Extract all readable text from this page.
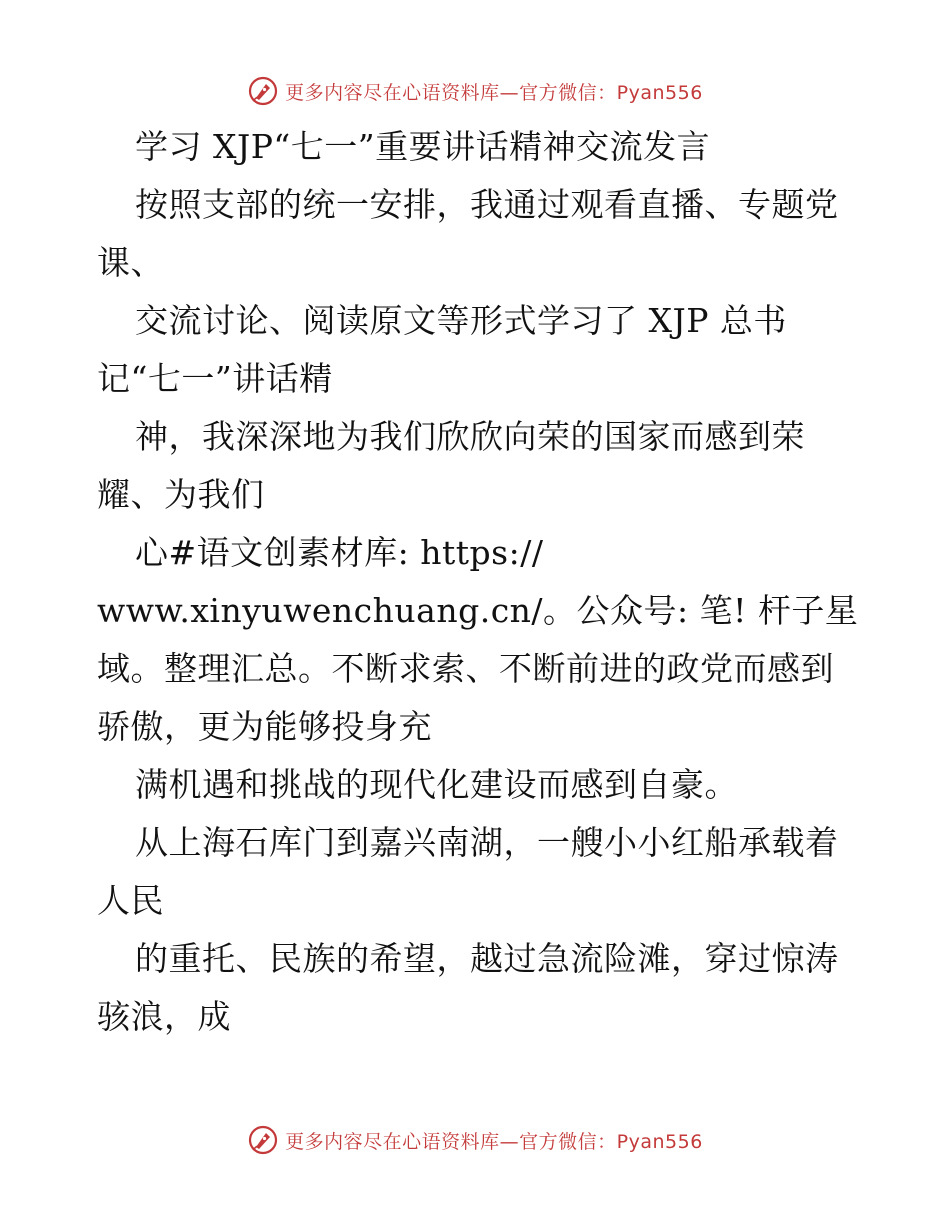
更多内容尽在心语资料库—官方微信：Pyan556
学习 XJP“七一”重要讲话精神交流发言
按照支部的统一安排，我通过观看直播、专题党
课、
交流讨论、阅读原文等形式学习了 XJP 总书
记“七一”讲话精
神，我深深地为我们欣欣向荣的国家而感到荣
耀、为我们
心#语文创素材库: https://
www.xinyuwenchuang.cn/。公众号: 笔! 杆子星
域。整理汇总。不断求索、不断前进的政党而感到
骄傲，更为能够投身充
满机遇和挑战的现代化建设而感到自豪。
从上海石库门到嘉兴南湖，一艘小小红船承载着
人民
的重托、民族的希望，越过急流险滩，穿过惊涛
骇浪，成
更多内容尽在心语资料库—官方微信：Pyan556
